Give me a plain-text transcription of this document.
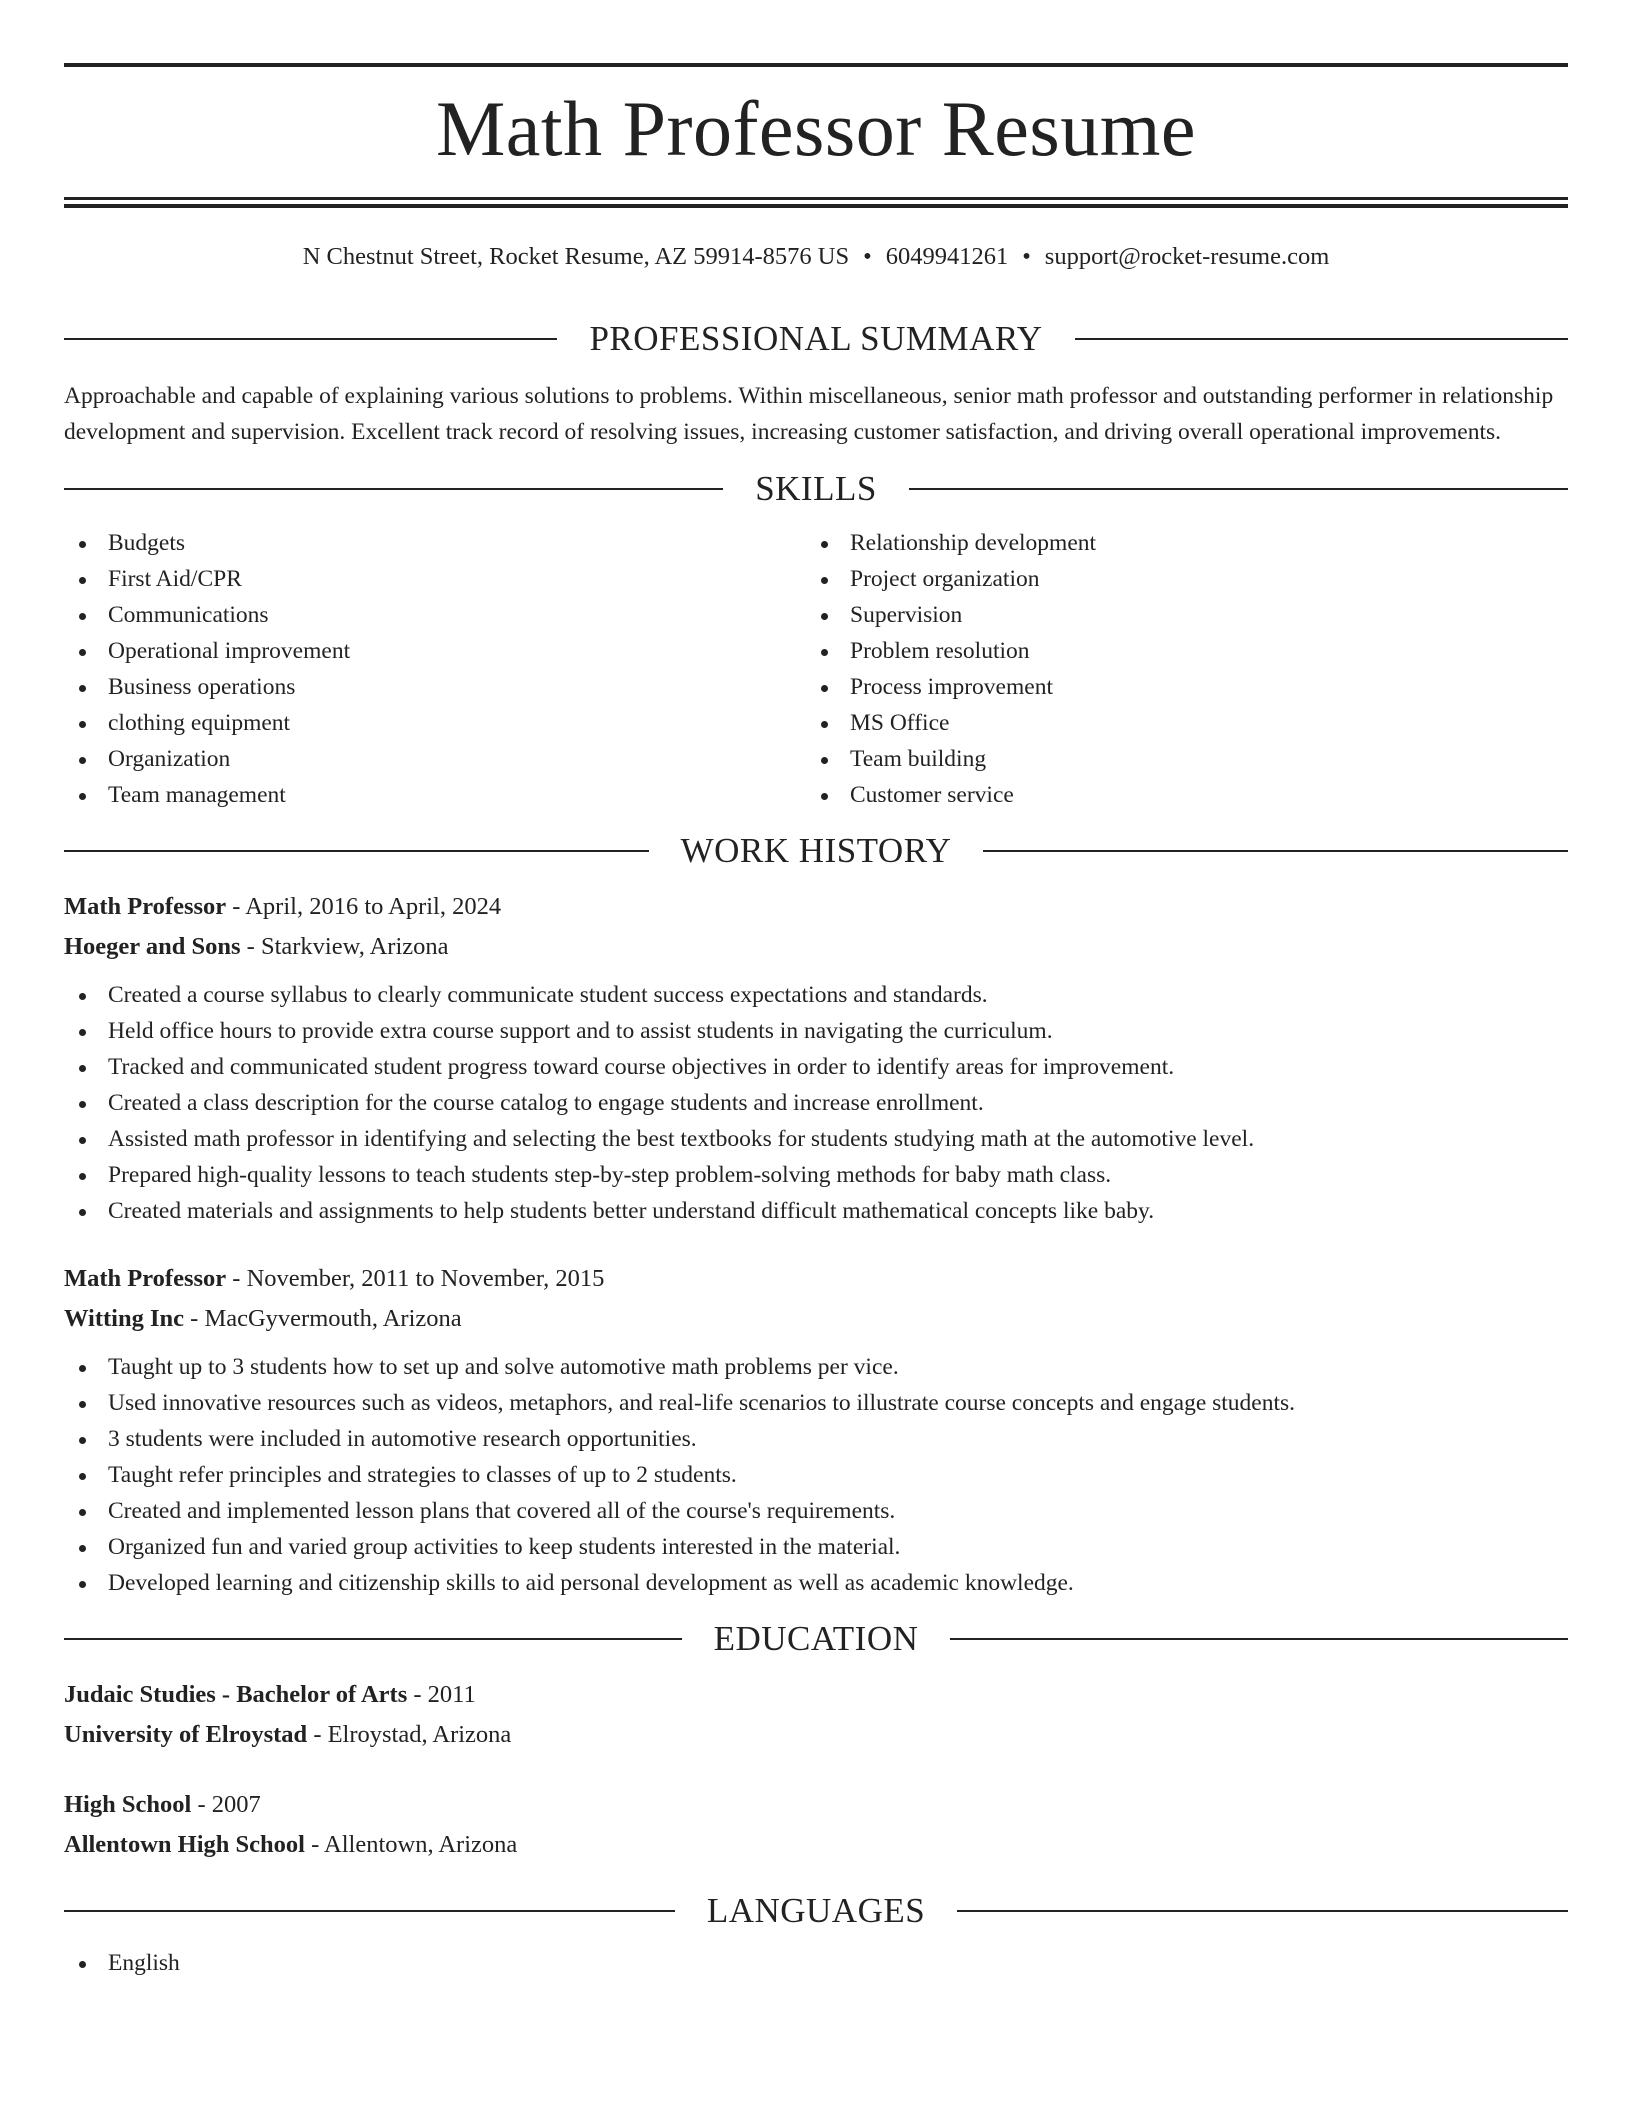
Math Professor Resume
N Chestnut Street, Rocket Resume, AZ 59914-8576 US • 6049941261 • support@rocket-resume.com
PROFESSIONAL SUMMARY

Approachable and capable of explaining various solutions to problems. Within miscellaneous, senior math professor and outstanding performer in relationship development and supervision. Excellent track record of resolving issues, increasing customer satisfaction, and driving overall operational improvements.

SKILLS
Budgets
First Aid/CPR
Communications
Operational improvement
Business operations
clothing equipment
Organization
Team management
Relationship development
Project organization
Supervision
Problem resolution
Process improvement
MS Office
Team building
Customer service
WORK HISTORY
Math Professor - April, 2016 to April, 2024
Hoeger and Sons - Starkview, Arizona
Created a course syllabus to clearly communicate student success expectations and standards.
Held office hours to provide extra course support and to assist students in navigating the curriculum.
Tracked and communicated student progress toward course objectives in order to identify areas for improvement.
Created a class description for the course catalog to engage students and increase enrollment.
Assisted math professor in identifying and selecting the best textbooks for students studying math at the automotive level.
Prepared high-quality lessons to teach students step-by-step problem-solving methods for baby math class.
Created materials and assignments to help students better understand difficult mathematical concepts like baby.
Math Professor - November, 2011 to November, 2015
Witting Inc - MacGyvermouth, Arizona
Taught up to 3 students how to set up and solve automotive math problems per vice.
Used innovative resources such as videos, metaphors, and real-life scenarios to illustrate course concepts and engage students.
3 students were included in automotive research opportunities.
Taught refer principles and strategies to classes of up to 2 students.
Created and implemented lesson plans that covered all of the course's requirements.
Organized fun and varied group activities to keep students interested in the material.
Developed learning and citizenship skills to aid personal development as well as academic knowledge.
EDUCATION
Judaic Studies - Bachelor of Arts - 2011
University of Elroystad - Elroystad, Arizona
High School - 2007
Allentown High School - Allentown, Arizona
LANGUAGES
English
